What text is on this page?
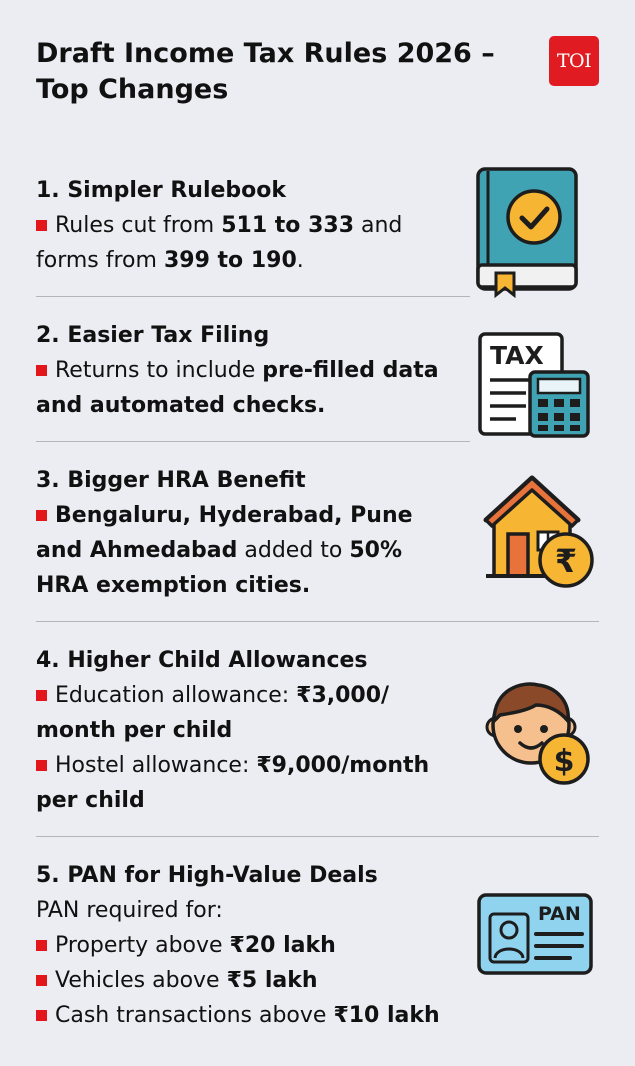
Draft Income Tax Rules 2026 –
Top Changes
TOI
1. Simpler Rulebook
Rules cut from 511 to 333 and
forms from 399 to 190.
2. Easier Tax Filing
Returns to include pre-filled data
and automated checks.
TAX
3. Bigger HRA Benefit
Bengaluru, Hyderabad, Pune
and Ahmedabad added to 50%
HRA exemption cities.
₹
4. Higher Child Allowances
Education allowance: ₹3,000/
month per child
Hostel allowance: ₹9,000/month
per child
$
5. PAN for High-Value Deals
PAN required for:
Property above ₹20 lakh
Vehicles above ₹5 lakh
Cash transactions above ₹10 lakh
PAN
